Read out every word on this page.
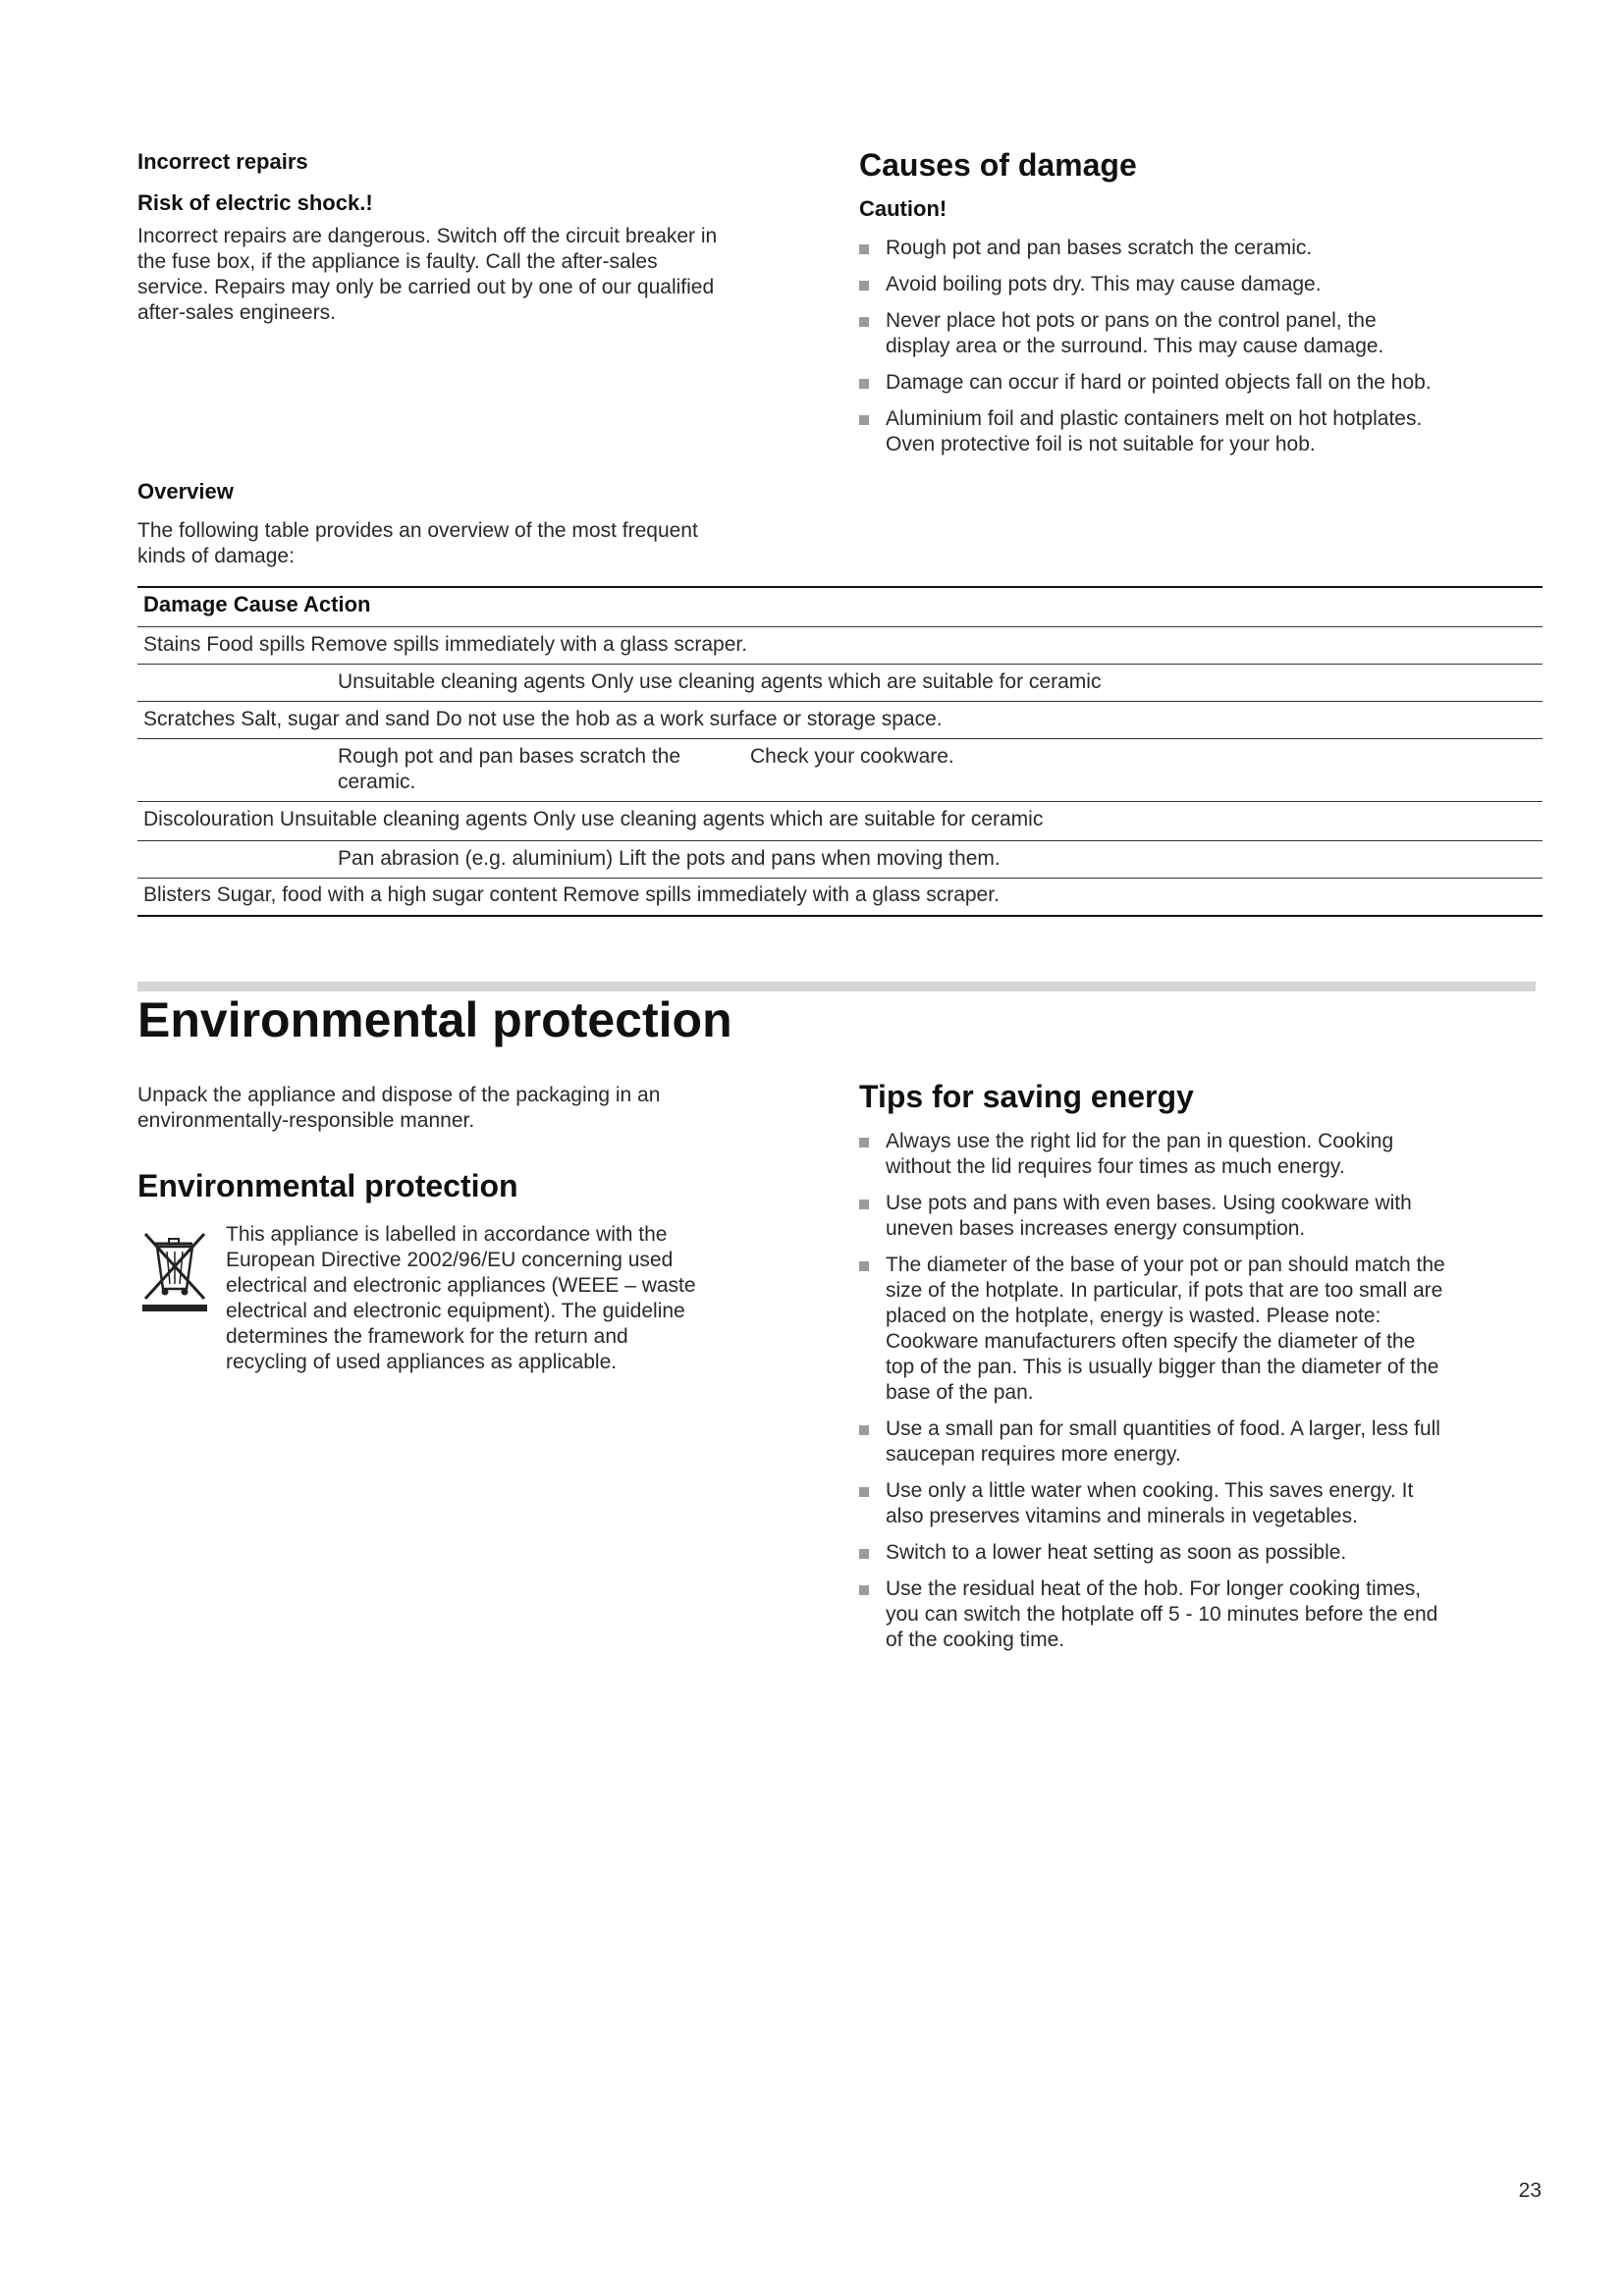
Incorrect repairs
Risk of electric shock.!
Incorrect repairs are dangerous. Switch off the circuit breaker in
the fuse box, if the appliance is faulty. Call the after-sales
service. Repairs may only be carried out by one of our qualified
after-sales engineers.
Causes of damage
Caution!
Rough pot and pan bases scratch the ceramic.
Avoid boiling pots dry. This may cause damage.
Never place hot pots or pans on the control panel, the
display area or the surround. This may cause damage.
Damage can occur if hard or pointed objects fall on the hob.
Aluminium foil and plastic containers melt on hot hotplates.
Oven protective foil is not suitable for your hob.
Overview
The following table provides an overview of the most frequent
kinds of damage:
Damage Cause Action
Stains Food spills Remove spills immediately with a glass scraper.
Unsuitable cleaning agents Only use cleaning agents which are suitable for ceramic
Scratches Salt, sugar and sand Do not use the hob as a work surface or storage space.
Rough pot and pan bases scratch the
ceramic.
Check your cookware.
Discolouration Unsuitable cleaning agents Only use cleaning agents which are suitable for ceramic
Pan abrasion (e.g. aluminium) Lift the pots and pans when moving them.
Blisters Sugar, food with a high sugar content Remove spills immediately with a glass scraper.
Environmental protection
Unpack the appliance and dispose of the packaging in an
environmentally-responsible manner.
Environmental protection
This appliance is labelled in accordance with the
European Directive 2002/96/EU concerning used
electrical and electronic appliances (WEEE – waste
electrical and electronic equipment). The guideline
determines the framework for the return and
recycling of used appliances as applicable.
Tips for saving energy
Always use the right lid for the pan in question. Cooking
without the lid requires four times as much energy.
Use pots and pans with even bases. Using cookware with
uneven bases increases energy consumption.
The diameter of the base of your pot or pan should match the
size of the hotplate. In particular, if pots that are too small are
placed on the hotplate, energy is wasted. Please note:
Cookware manufacturers often specify the diameter of the
top of the pan. This is usually bigger than the diameter of the
base of the pan.
Use a small pan for small quantities of food. A larger, less full
saucepan requires more energy.
Use only a little water when cooking. This saves energy. It
also preserves vitamins and minerals in vegetables.
Switch to a lower heat setting as soon as possible.
Use the residual heat of the hob. For longer cooking times,
you can switch the hotplate off 5 - 10 minutes before the end
of the cooking time.
23
